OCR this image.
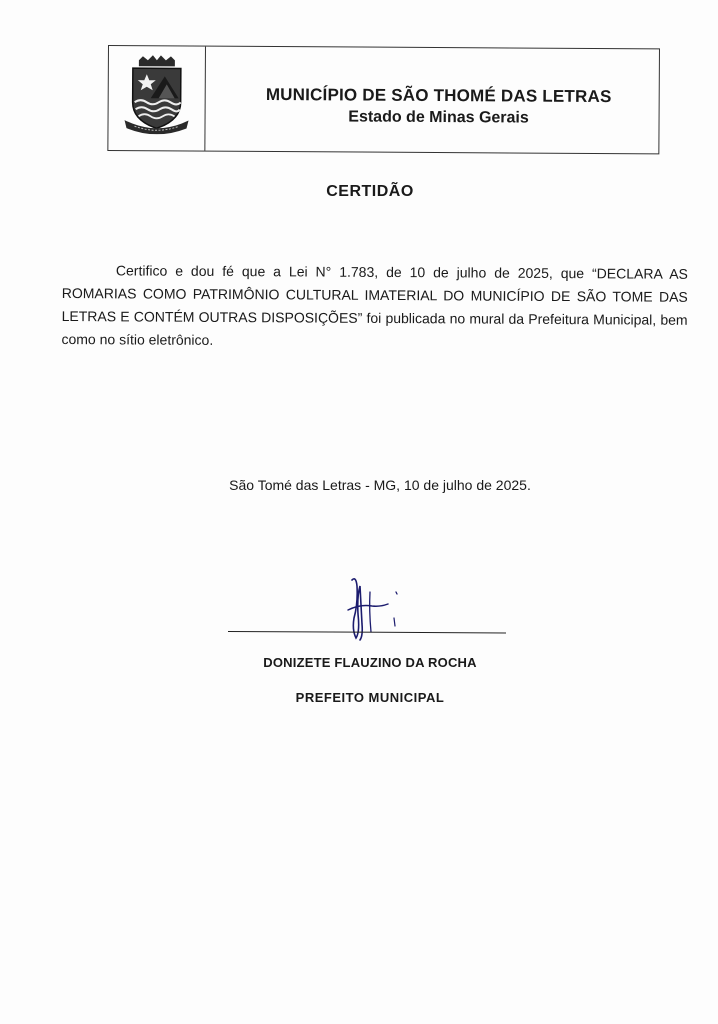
MUNICÍPIO DE SÃO THOMÉ DAS LETRAS
Estado de Minas Gerais
CERTIDÃO
Certifico e dou fé que a Lei N° 1.783, de 10 de julho de 2025, que “DECLARA AS ROMARIAS COMO PATRIMÔNIO CULTURAL IMATERIAL DO MUNICÍPIO DE SÃO TOME DAS LETRAS E CONTÉM OUTRAS DISPOSIÇÕES” foi publicada no mural da Prefeitura Municipal, bem como no sítio eletrônico.
São Tomé das Letras - MG, 10 de julho de 2025.
DONIZETE FLAUZINO DA ROCHA
PREFEITO MUNICIPAL
